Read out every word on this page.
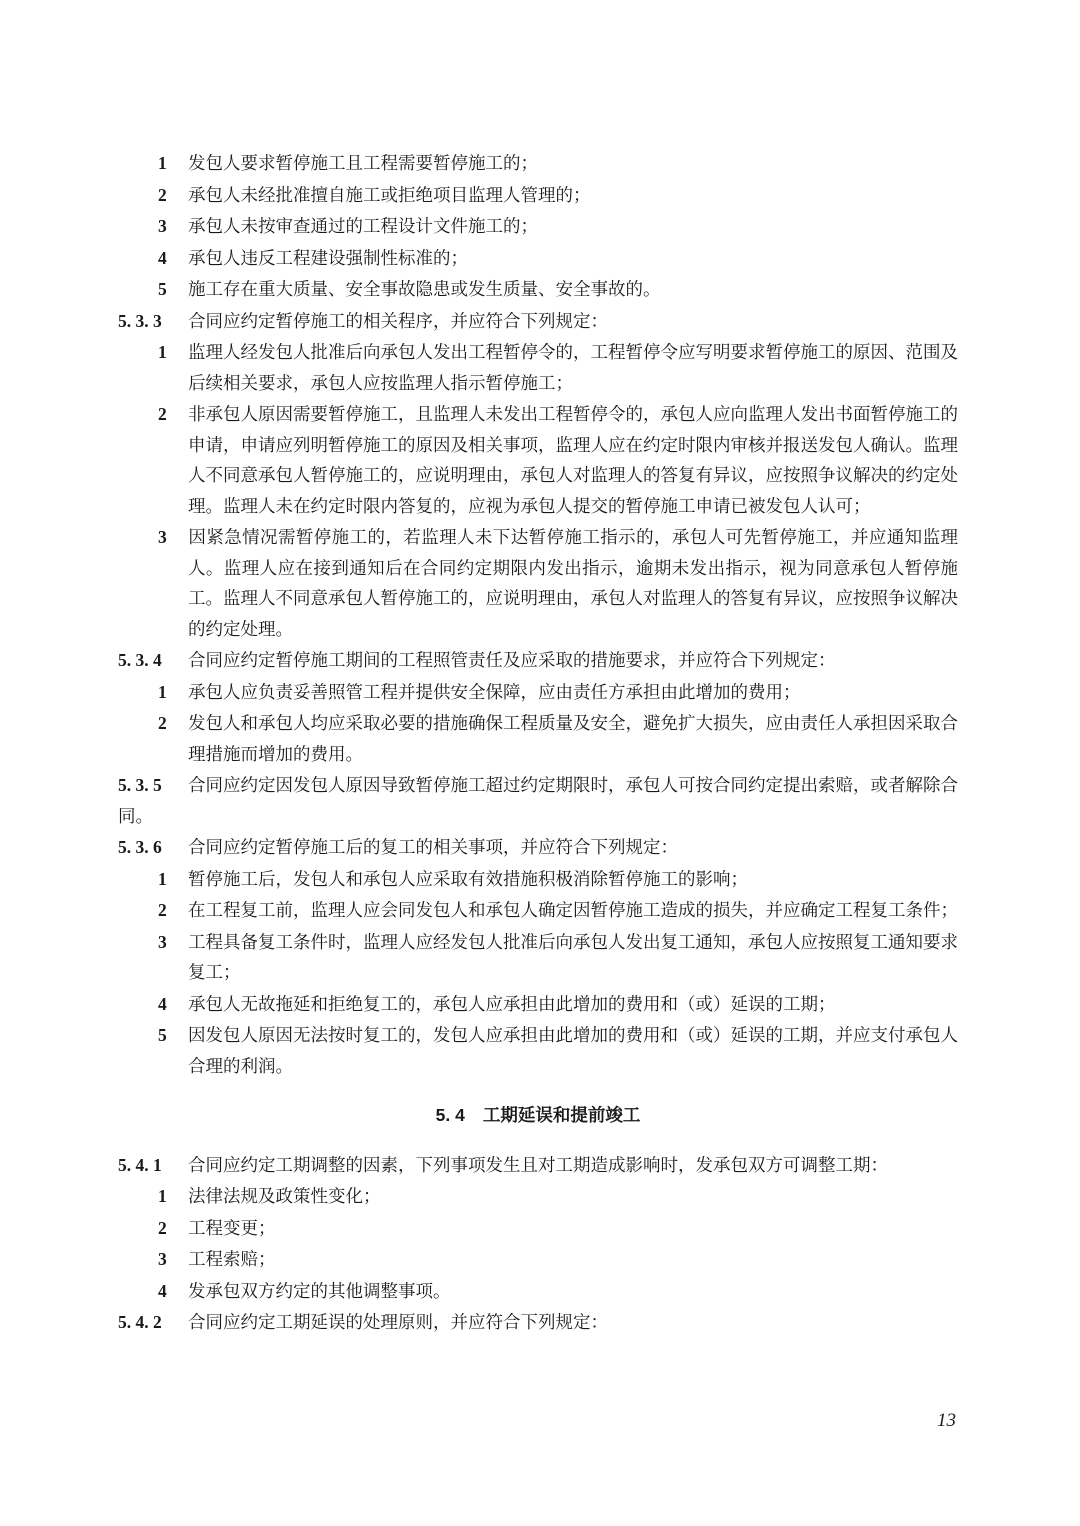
1 发包人要求暂停施工且工程需要暂停施工的；

2 承包人未经批准擅自施工或拒绝项目监理人管理的；

3 承包人未按审查通过的工程设计文件施工的；

4 承包人违反工程建设强制性标准的；

5 施工存在重大质量、安全事故隐患或发生质量、安全事故的。

5. 3. 3 合同应约定暂停施工的相关程序，并应符合下列规定：

1 监理人经发包人批准后向承包人发出工程暂停令的，工程暂停令应写明要求暂停施工的原因、范围及后续相关要求，承包人应按监理人指示暂停施工；

2 非承包人原因需要暂停施工，且监理人未发出工程暂停令的，承包人应向监理人发出书面暂停施工的申请，申请应列明暂停施工的原因及相关事项，监理人应在约定时限内审核并报送发包人确认。监理人不同意承包人暂停施工的，应说明理由，承包人对监理人的答复有异议，应按照争议解决的约定处理。监理人未在约定时限内答复的，应视为承包人提交的暂停施工申请已被发包人认可；

3 因紧急情况需暂停施工的，若监理人未下达暂停施工指示的，承包人可先暂停施工，并应通知监理人。监理人应在接到通知后在合同约定期限内发出指示，逾期未发出指示，视为同意承包人暂停施工。监理人不同意承包人暂停施工的，应说明理由，承包人对监理人的答复有异议，应按照争议解决的约定处理。

5. 3. 4 合同应约定暂停施工期间的工程照管责任及应采取的措施要求，并应符合下列规定：

1 承包人应负责妥善照管工程并提供安全保障，应由责任方承担由此增加的费用；

2 发包人和承包人均应采取必要的措施确保工程质量及安全，避免扩大损失，应由责任人承担因采取合理措施而增加的费用。

5. 3. 5 合同应约定因发包人原因导致暂停施工超过约定期限时，承包人可按合同约定提出索赔，或者解除合同。

5. 3. 6 合同应约定暂停施工后的复工的相关事项，并应符合下列规定：

1 暂停施工后，发包人和承包人应采取有效措施积极消除暂停施工的影响；

2 在工程复工前，监理人应会同发包人和承包人确定因暂停施工造成的损失，并应确定工程复工条件；

3 工程具备复工条件时，监理人应经发包人批准后向承包人发出复工通知，承包人应按照复工通知要求复工；

4 承包人无故拖延和拒绝复工的，承包人应承担由此增加的费用和（或）延误的工期；

5 因发包人原因无法按时复工的，发包人应承担由此增加的费用和（或）延误的工期，并应支付承包人合理的利润。

5. 4 工期延误和提前竣工

5. 4. 1 合同应约定工期调整的因素，下列事项发生且对工期造成影响时，发承包双方可调整工期：

1 法律法规及政策性变化；

2 工程变更；

3 工程索赔；

4 发承包双方约定的其他调整事项。

5. 4. 2 合同应约定工期延误的处理原则，并应符合下列规定：

13
